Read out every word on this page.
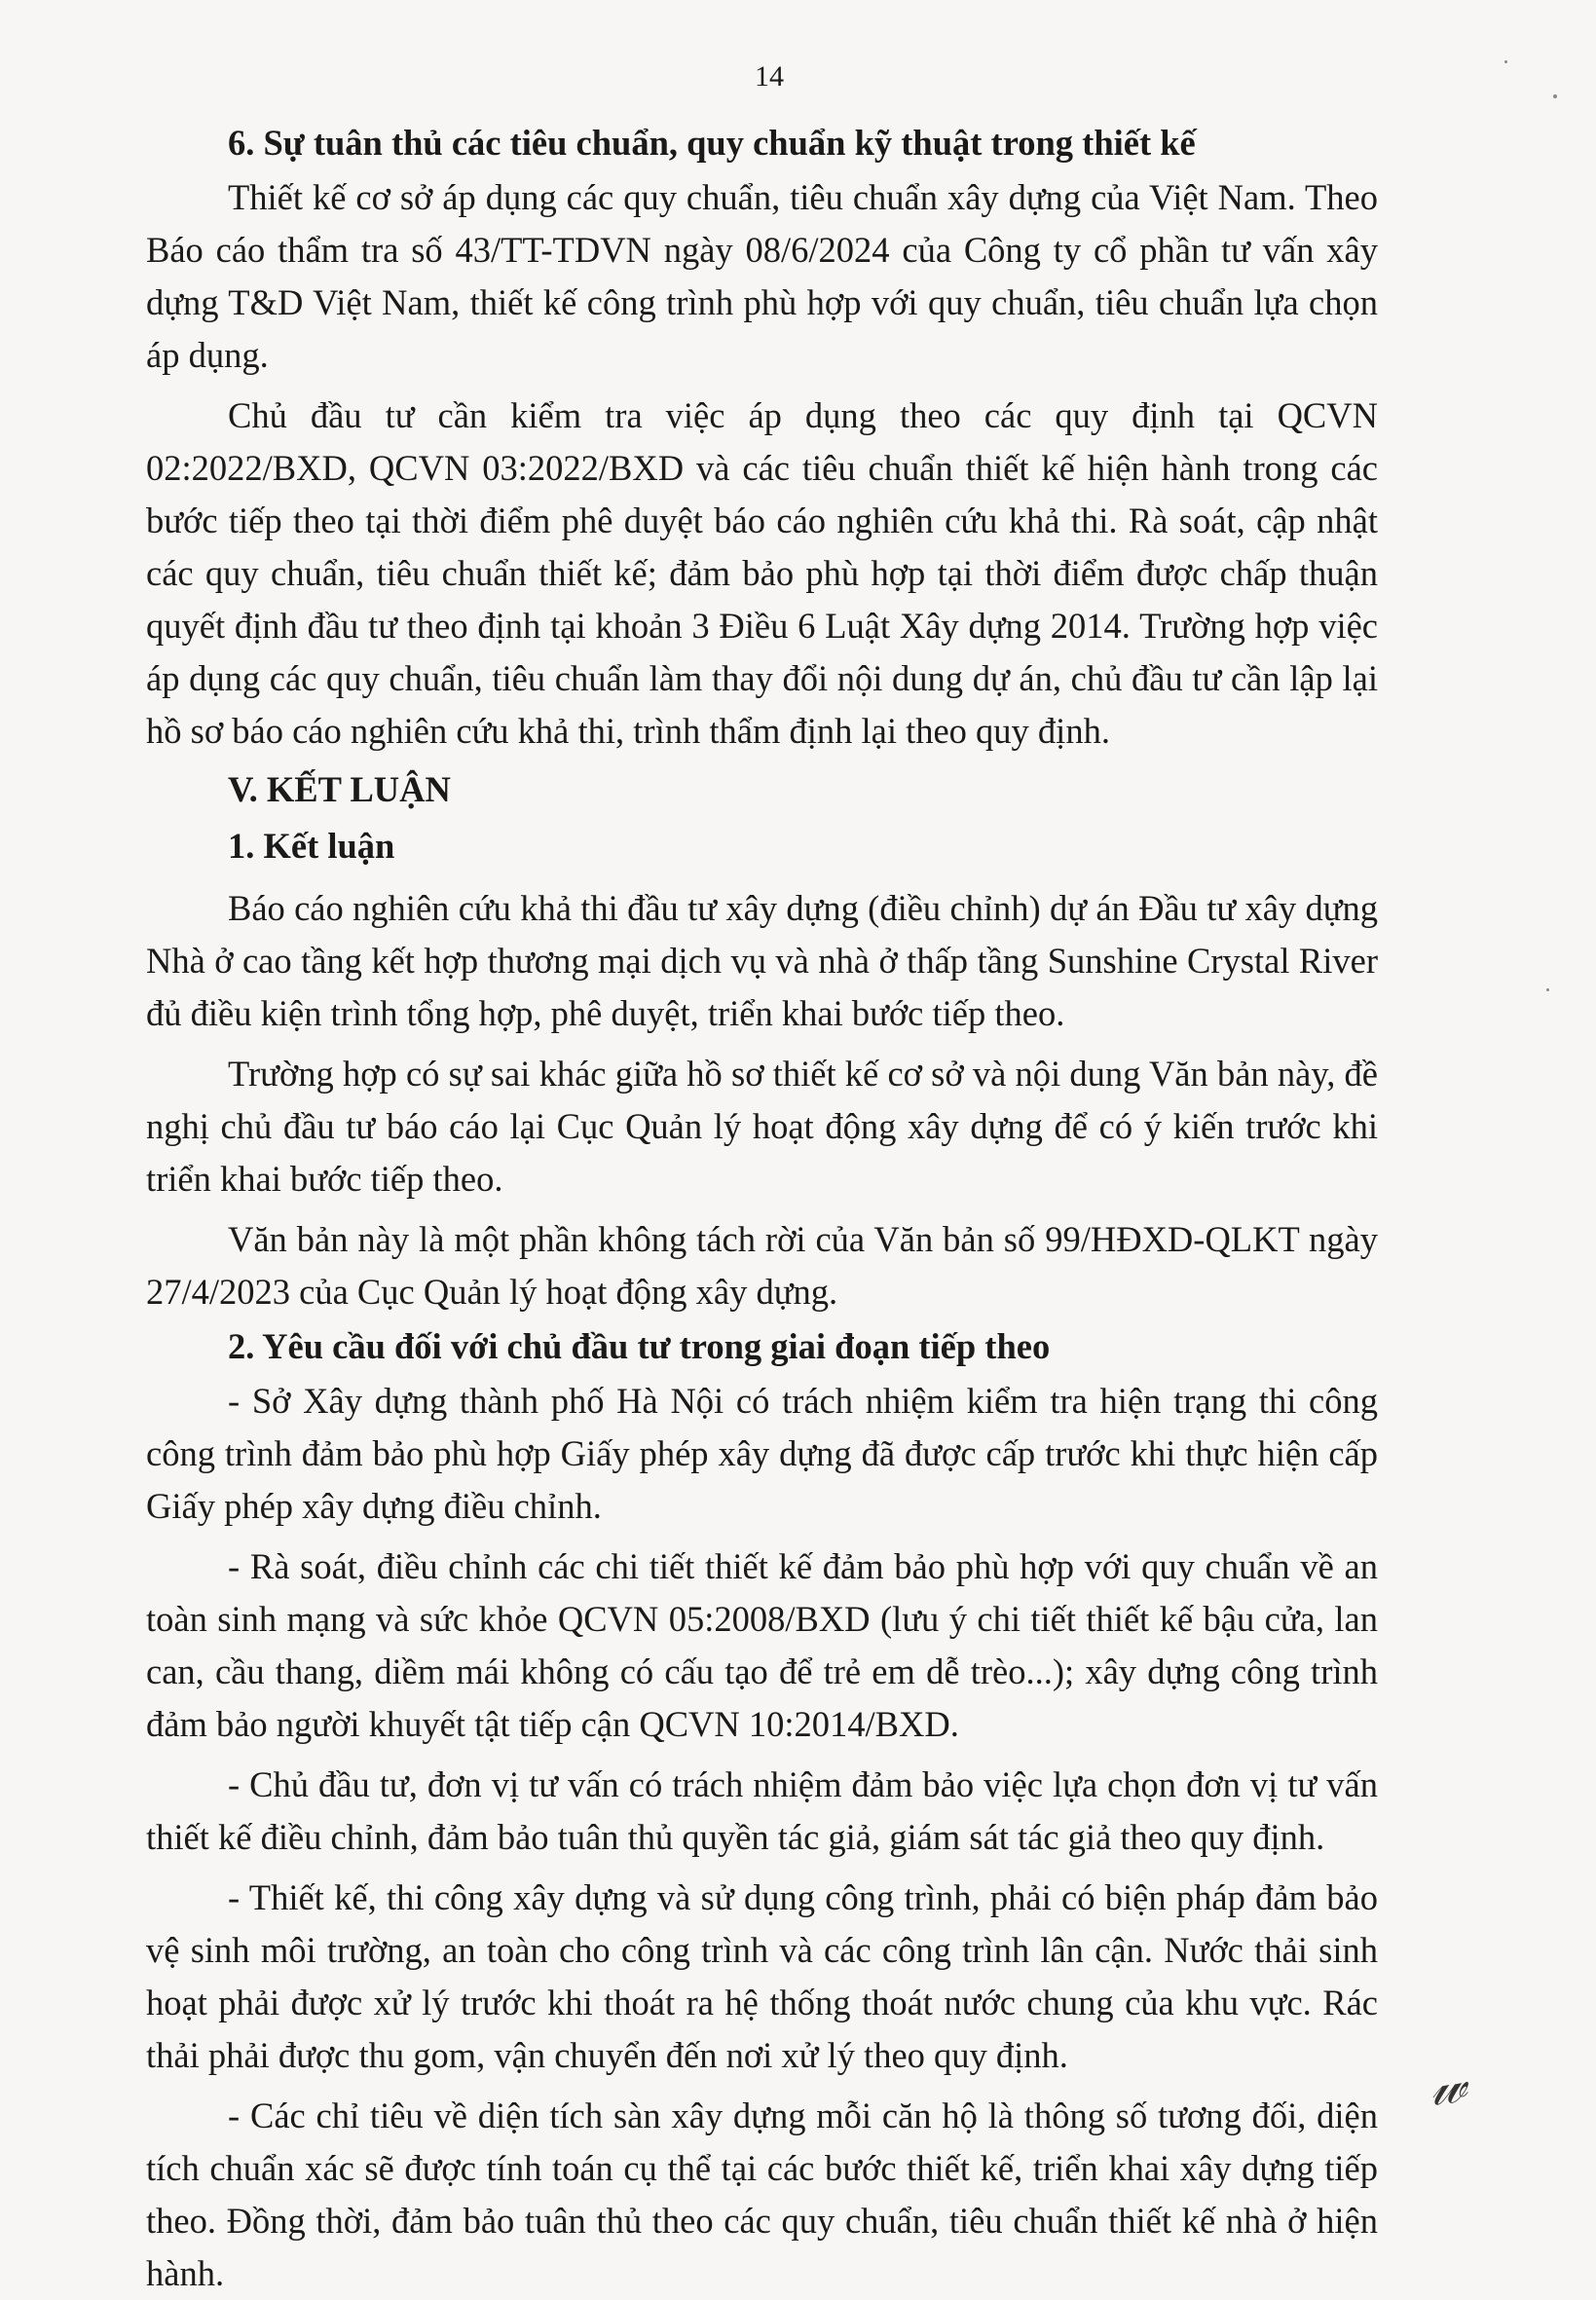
14
6. Sự tuân thủ các tiêu chuẩn, quy chuẩn kỹ thuật trong thiết kế

Thiết kế cơ sở áp dụng các quy chuẩn, tiêu chuẩn xây dựng của Việt Nam. Theo Báo cáo thẩm tra số 43/TT-TDVN ngày 08/6/2024 của Công ty cổ phần tư vấn xây dựng T&D Việt Nam, thiết kế công trình phù hợp với quy chuẩn, tiêu chuẩn lựa chọn áp dụng.

Chủ đầu tư cần kiểm tra việc áp dụng theo các quy định tại QCVN 02:2022/BXD, QCVN 03:2022/BXD và các tiêu chuẩn thiết kế hiện hành trong các bước tiếp theo tại thời điểm phê duyệt báo cáo nghiên cứu khả thi. Rà soát, cập nhật các quy chuẩn, tiêu chuẩn thiết kế; đảm bảo phù hợp tại thời điểm được chấp thuận quyết định đầu tư theo định tại khoản 3 Điều 6 Luật Xây dựng 2014. Trường hợp việc áp dụng các quy chuẩn, tiêu chuẩn làm thay đổi nội dung dự án, chủ đầu tư cần lập lại hồ sơ báo cáo nghiên cứu khả thi, trình thẩm định lại theo quy định.

V. KẾT LUẬN
1. Kết luận

Báo cáo nghiên cứu khả thi đầu tư xây dựng (điều chỉnh) dự án Đầu tư xây dựng Nhà ở cao tầng kết hợp thương mại dịch vụ và nhà ở thấp tầng Sunshine Crystal River đủ điều kiện trình tổng hợp, phê duyệt, triển khai bước tiếp theo.

Trường hợp có sự sai khác giữa hồ sơ thiết kế cơ sở và nội dung Văn bản này, đề nghị chủ đầu tư báo cáo lại Cục Quản lý hoạt động xây dựng để có ý kiến trước khi triển khai bước tiếp theo.

Văn bản này là một phần không tách rời của Văn bản số 99/HĐXD-QLKT ngày 27/4/2023 của Cục Quản lý hoạt động xây dựng.

2. Yêu cầu đối với chủ đầu tư trong giai đoạn tiếp theo

- Sở Xây dựng thành phố Hà Nội có trách nhiệm kiểm tra hiện trạng thi công công trình đảm bảo phù hợp Giấy phép xây dựng đã được cấp trước khi thực hiện cấp Giấy phép xây dựng điều chỉnh.

- Rà soát, điều chỉnh các chi tiết thiết kế đảm bảo phù hợp với quy chuẩn về an toàn sinh mạng và sức khỏe QCVN 05:2008/BXD (lưu ý chi tiết thiết kế bậu cửa, lan can, cầu thang, diềm mái không có cấu tạo để trẻ em dễ trèo...); xây dựng công trình đảm bảo người khuyết tật tiếp cận QCVN 10:2014/BXD.

- Chủ đầu tư, đơn vị tư vấn có trách nhiệm đảm bảo việc lựa chọn đơn vị tư vấn thiết kế điều chỉnh, đảm bảo tuân thủ quyền tác giả, giám sát tác giả theo quy định.

- Thiết kế, thi công xây dựng và sử dụng công trình, phải có biện pháp đảm bảo vệ sinh môi trường, an toàn cho công trình và các công trình lân cận. Nước thải sinh hoạt phải được xử lý trước khi thoát ra hệ thống thoát nước chung của khu vực. Rác thải phải được thu gom, vận chuyển đến nơi xử lý theo quy định.

- Các chỉ tiêu về diện tích sàn xây dựng mỗi căn hộ là thông số tương đối, diện tích chuẩn xác sẽ được tính toán cụ thể tại các bước thiết kế, triển khai xây dựng tiếp theo. Đồng thời, đảm bảo tuân thủ theo các quy chuẩn, tiêu chuẩn thiết kế nhà ở hiện hành.

𝓌
